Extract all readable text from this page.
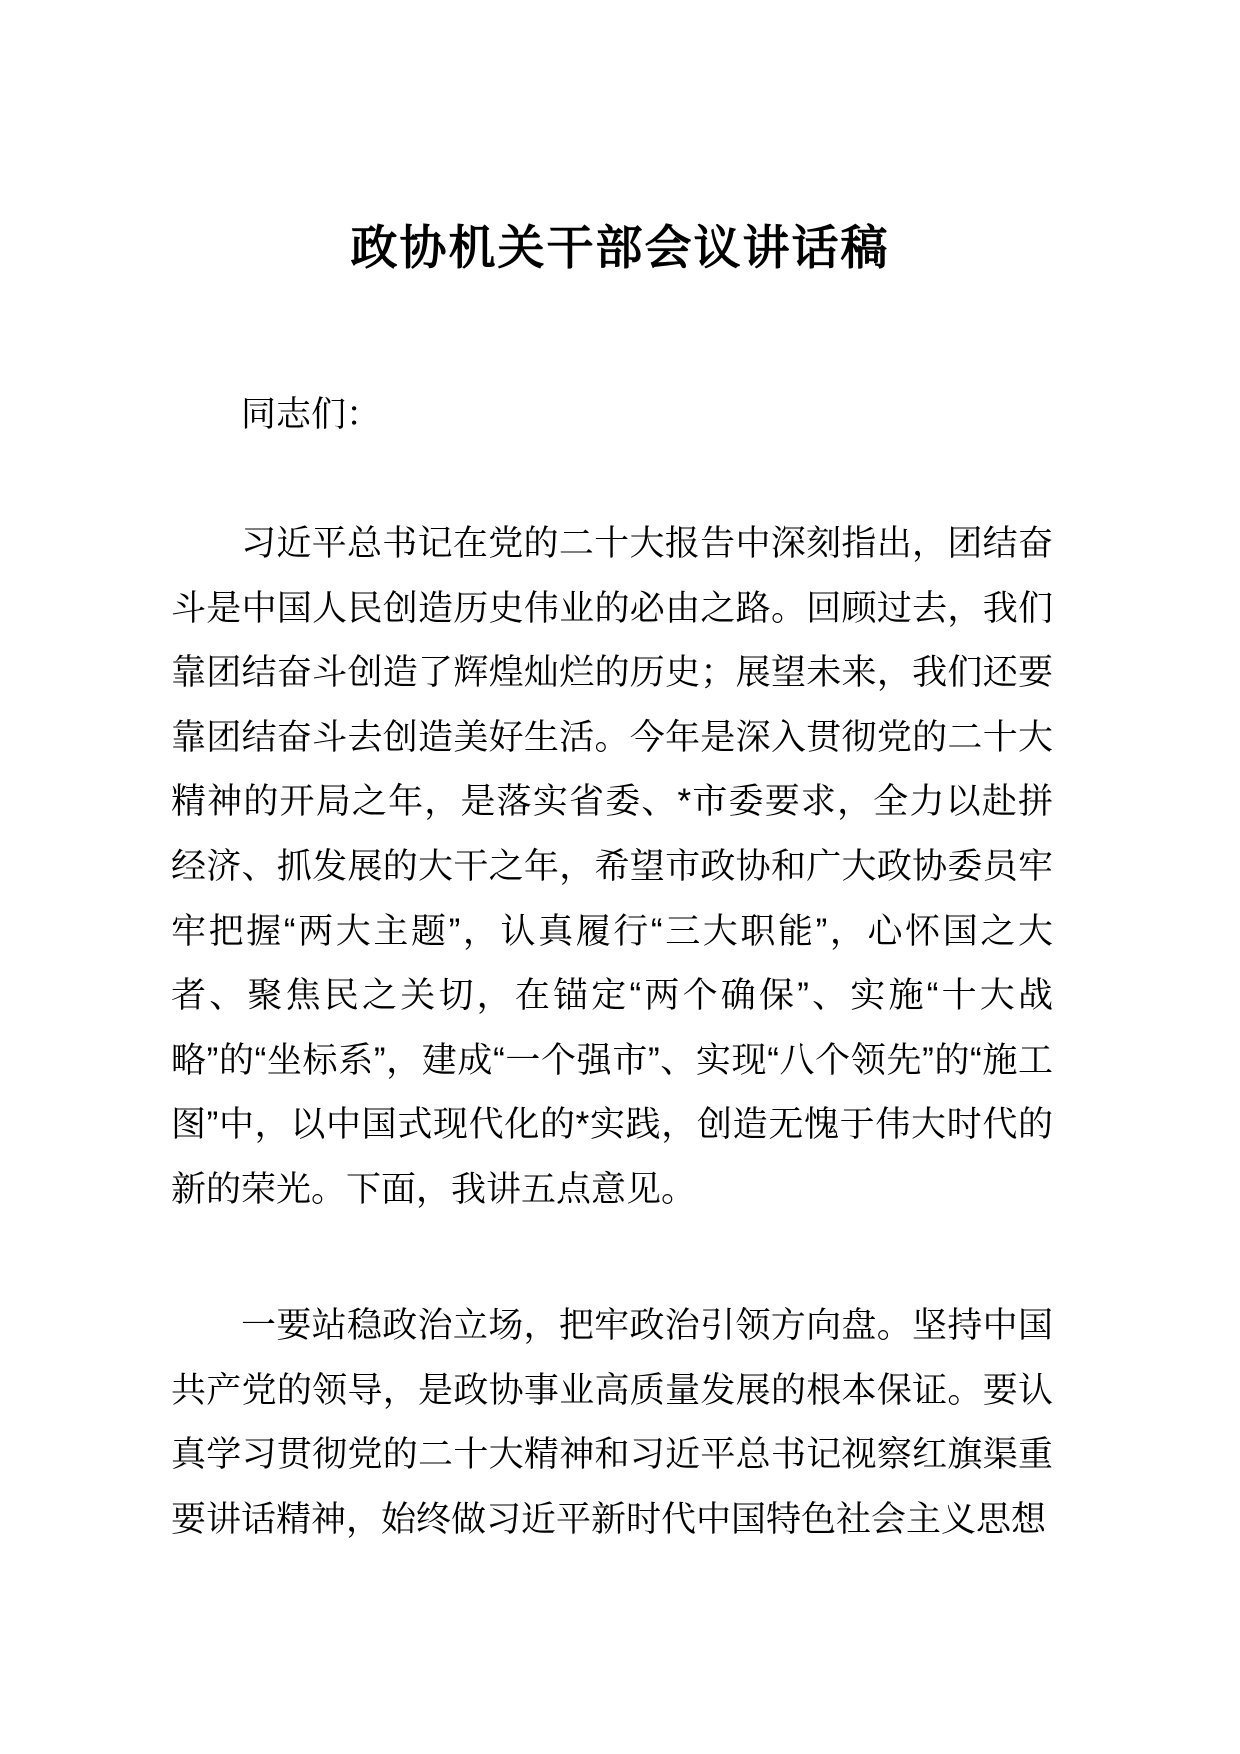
政协机关干部会议讲话稿

同志们：

习近平总书记在党的二十大报告中深刻指出，团结奋斗是中国人民创造历史伟业的必由之路。回顾过去，我们靠团结奋斗创造了辉煌灿烂的历史；展望未来，我们还要靠团结奋斗去创造美好生活。今年是深入贯彻党的二十大精神的开局之年，是落实省委、*市委要求，全力以赴拼经济、抓发展的大干之年，希望市政协和广大政协委员牢牢把握“两大主题”，认真履行“三大职能”，心怀国之大者、聚焦民之关切，在锚定“两个确保”、实施“十大战略”的“坐标系”，建成“一个强市”、实现“八个领先”的“施工图”中，以中国式现代化的*实践，创造无愧于伟大时代的新的荣光。下面，我讲五点意见。

一要站稳政治立场，把牢政治引领方向盘。坚持中国共产党的领导，是政协事业高质量发展的根本保证。要认真学习贯彻党的二十大精神和习近平总书记视察红旗渠重要讲话精神，始终做习近平新时代中国特色社会主义思想
